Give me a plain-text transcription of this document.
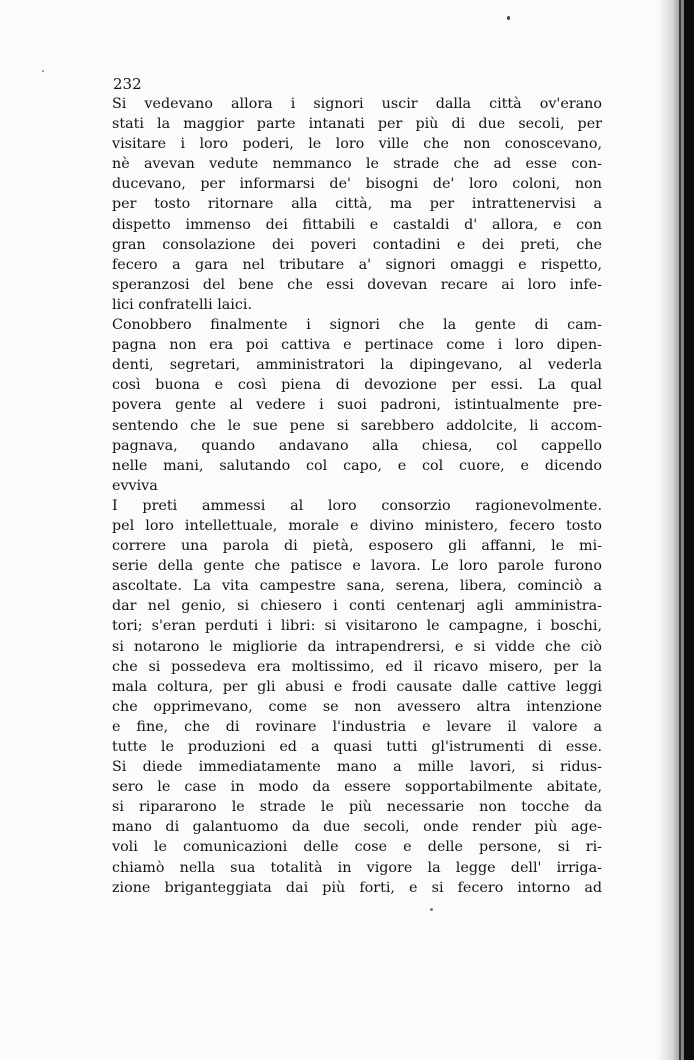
232
Si vedevano allora i signori uscir dalla città ov'erano
stati la maggior parte intanati per più di due secoli, per
visitare i loro poderi, le loro ville che non conoscevano,
nè avevan vedute nemmanco le strade che ad esse con-
ducevano, per informarsi de' bisogni de' loro coloni, non
per tosto ritornare alla città, ma per intrattenervisi a
dispetto immenso dei fittabili e castaldi d' allora, e con
gran consolazione dei poveri contadini e dei preti, che
fecero a gara nel tributare a' signori omaggi e rispetto,
speranzosi del bene che essi dovevan recare ai loro infe-
lici confratelli laici.
Conobbero finalmente i signori che la gente di cam-
pagna non era poi cattiva e pertinace come i loro dipen-
denti, segretari, amministratori la dipingevano, al vederla
così buona e così piena di devozione per essi. La qual
povera gente al vedere i suoi padroni, istintualmente pre-
sentendo che le sue pene si sarebbero addolcite, li accom-
pagnava, quando andavano alla chiesa, col cappello
nelle mani, salutando col capo, e col cuore, e dicendo
evviva
I preti ammessi al loro consorzio ragionevolmente.
pel loro intellettuale, morale e divino ministero, fecero tosto
correre una parola di pietà, esposero gli affanni, le mi-
serie della gente che patisce e lavora. Le loro parole furono
ascoltate. La vita campestre sana, serena, libera, cominciò a
dar nel genio, si chiesero i conti centenarj agli amministra-
tori; s'eran perduti i libri: si visitarono le campagne, i boschi,
si notarono le migliorie da intrapendrersi, e si vidde che ciò
che si possedeva era moltissimo, ed il ricavo misero, per la
mala coltura, per gli abusi e frodi causate dalle cattive leggi
che opprimevano, come se non avessero altra intenzione
e fine, che di rovinare l'industria e levare il valore a
tutte le produzioni ed a quasi tutti gl'istrumenti di esse.
Si diede immediatamente mano a mille lavori, si ridus-
sero le case in modo da essere sopportabilmente abitate,
si ripararono le strade le più necessarie non tocche da
mano di galantuomo da due secoli, onde render più age-
voli le comunicazioni delle cose e delle persone, si ri-
chiamò nella sua totalità in vigore la legge dell' irriga-
zione briganteggiata dai più forti, e si fecero intorno ad
